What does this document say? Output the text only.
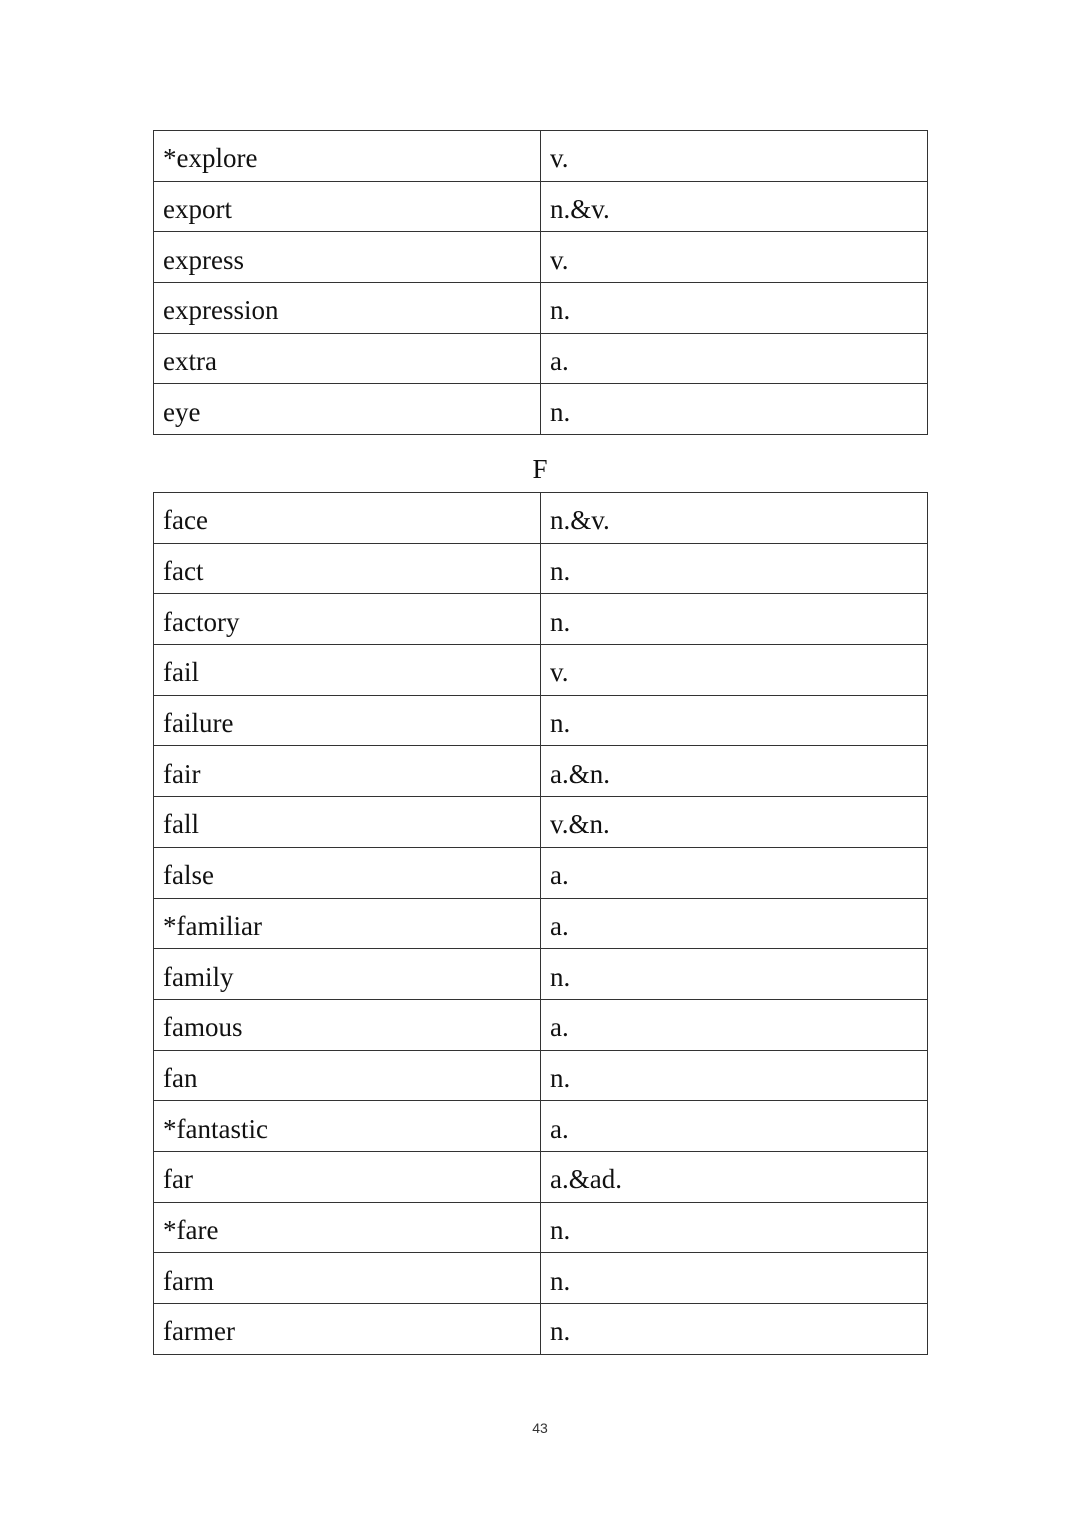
*explore	v.
export	n.&v.
express	v.
expression	n.
extra	a.
eye	n.
F
face	n.&v.
fact	n.
factory	n.
fail	v.
failure	n.
fair	a.&n.
fall	v.&n.
false	a.
*familiar	a.
family	n.
famous	a.
fan	n.
*fantastic	a.
far	a.&ad.
*fare	n.
farm	n.
farmer	n.
43
